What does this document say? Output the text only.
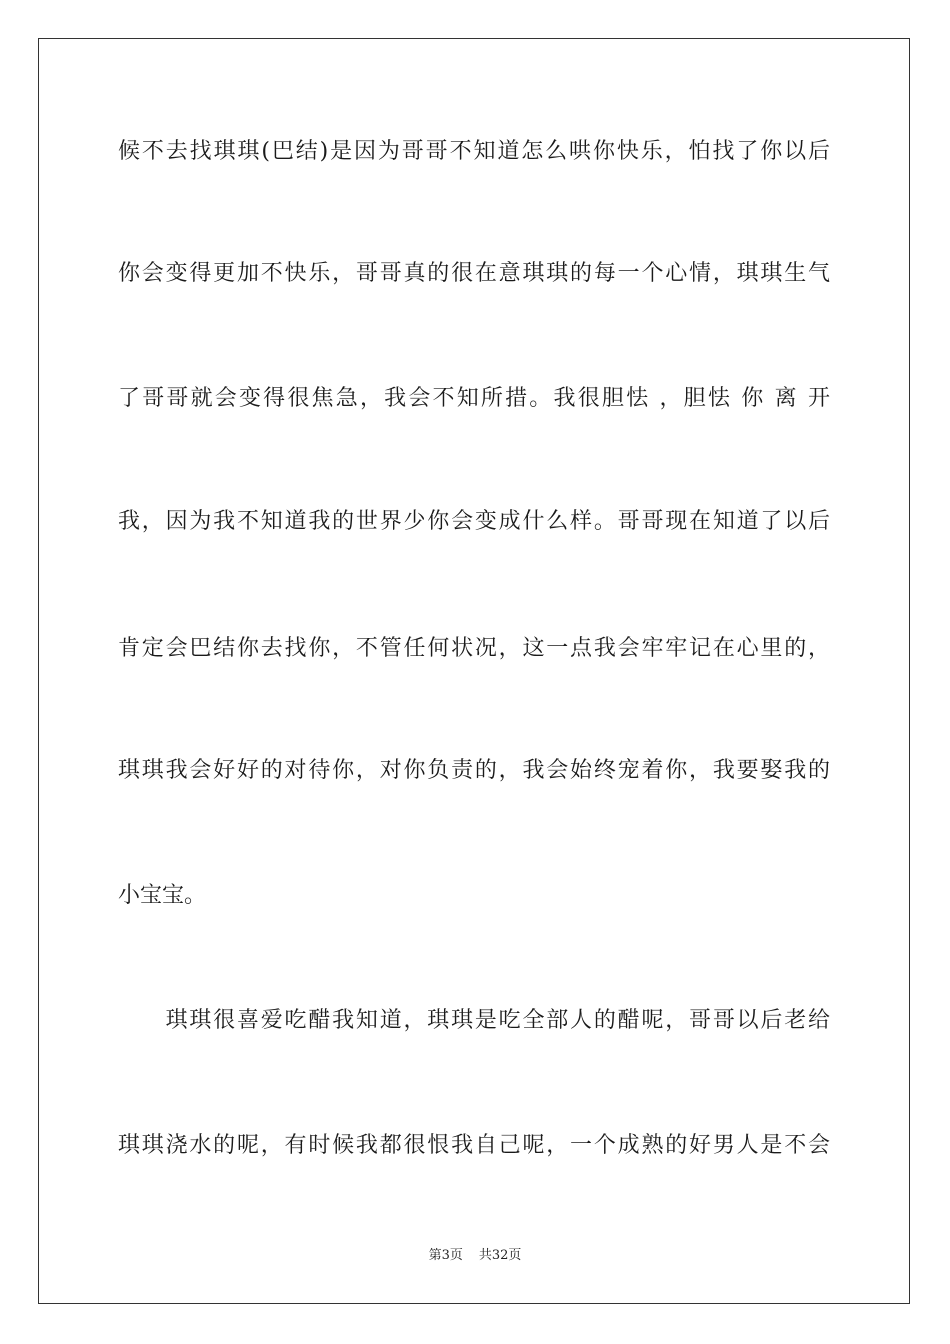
候不去找琪琪(巴结)是因为哥哥不知道怎么哄你快乐，怕找了你以后
你会变得更加不快乐，哥哥真的很在意琪琪的每一个心情，琪琪生气
了哥哥就会变得很焦急，我会不知所措。我很胆怯 ，胆怯 你 离 开
我，因为我不知道我的世界少你会变成什么样。哥哥现在知道了以后
肯定会巴结你去找你，不管任何状况，这一点我会牢牢记在心里的，
琪琪我会好好的对待你，对你负责的，我会始终宠着你，我要娶我的
小宝宝。
　　琪琪很喜爱吃醋我知道，琪琪是吃全部人的醋呢，哥哥以后老给
琪琪浇水的呢，有时候我都很恨我自己呢，一个成熟的好男人是不会
第3页 共32页
